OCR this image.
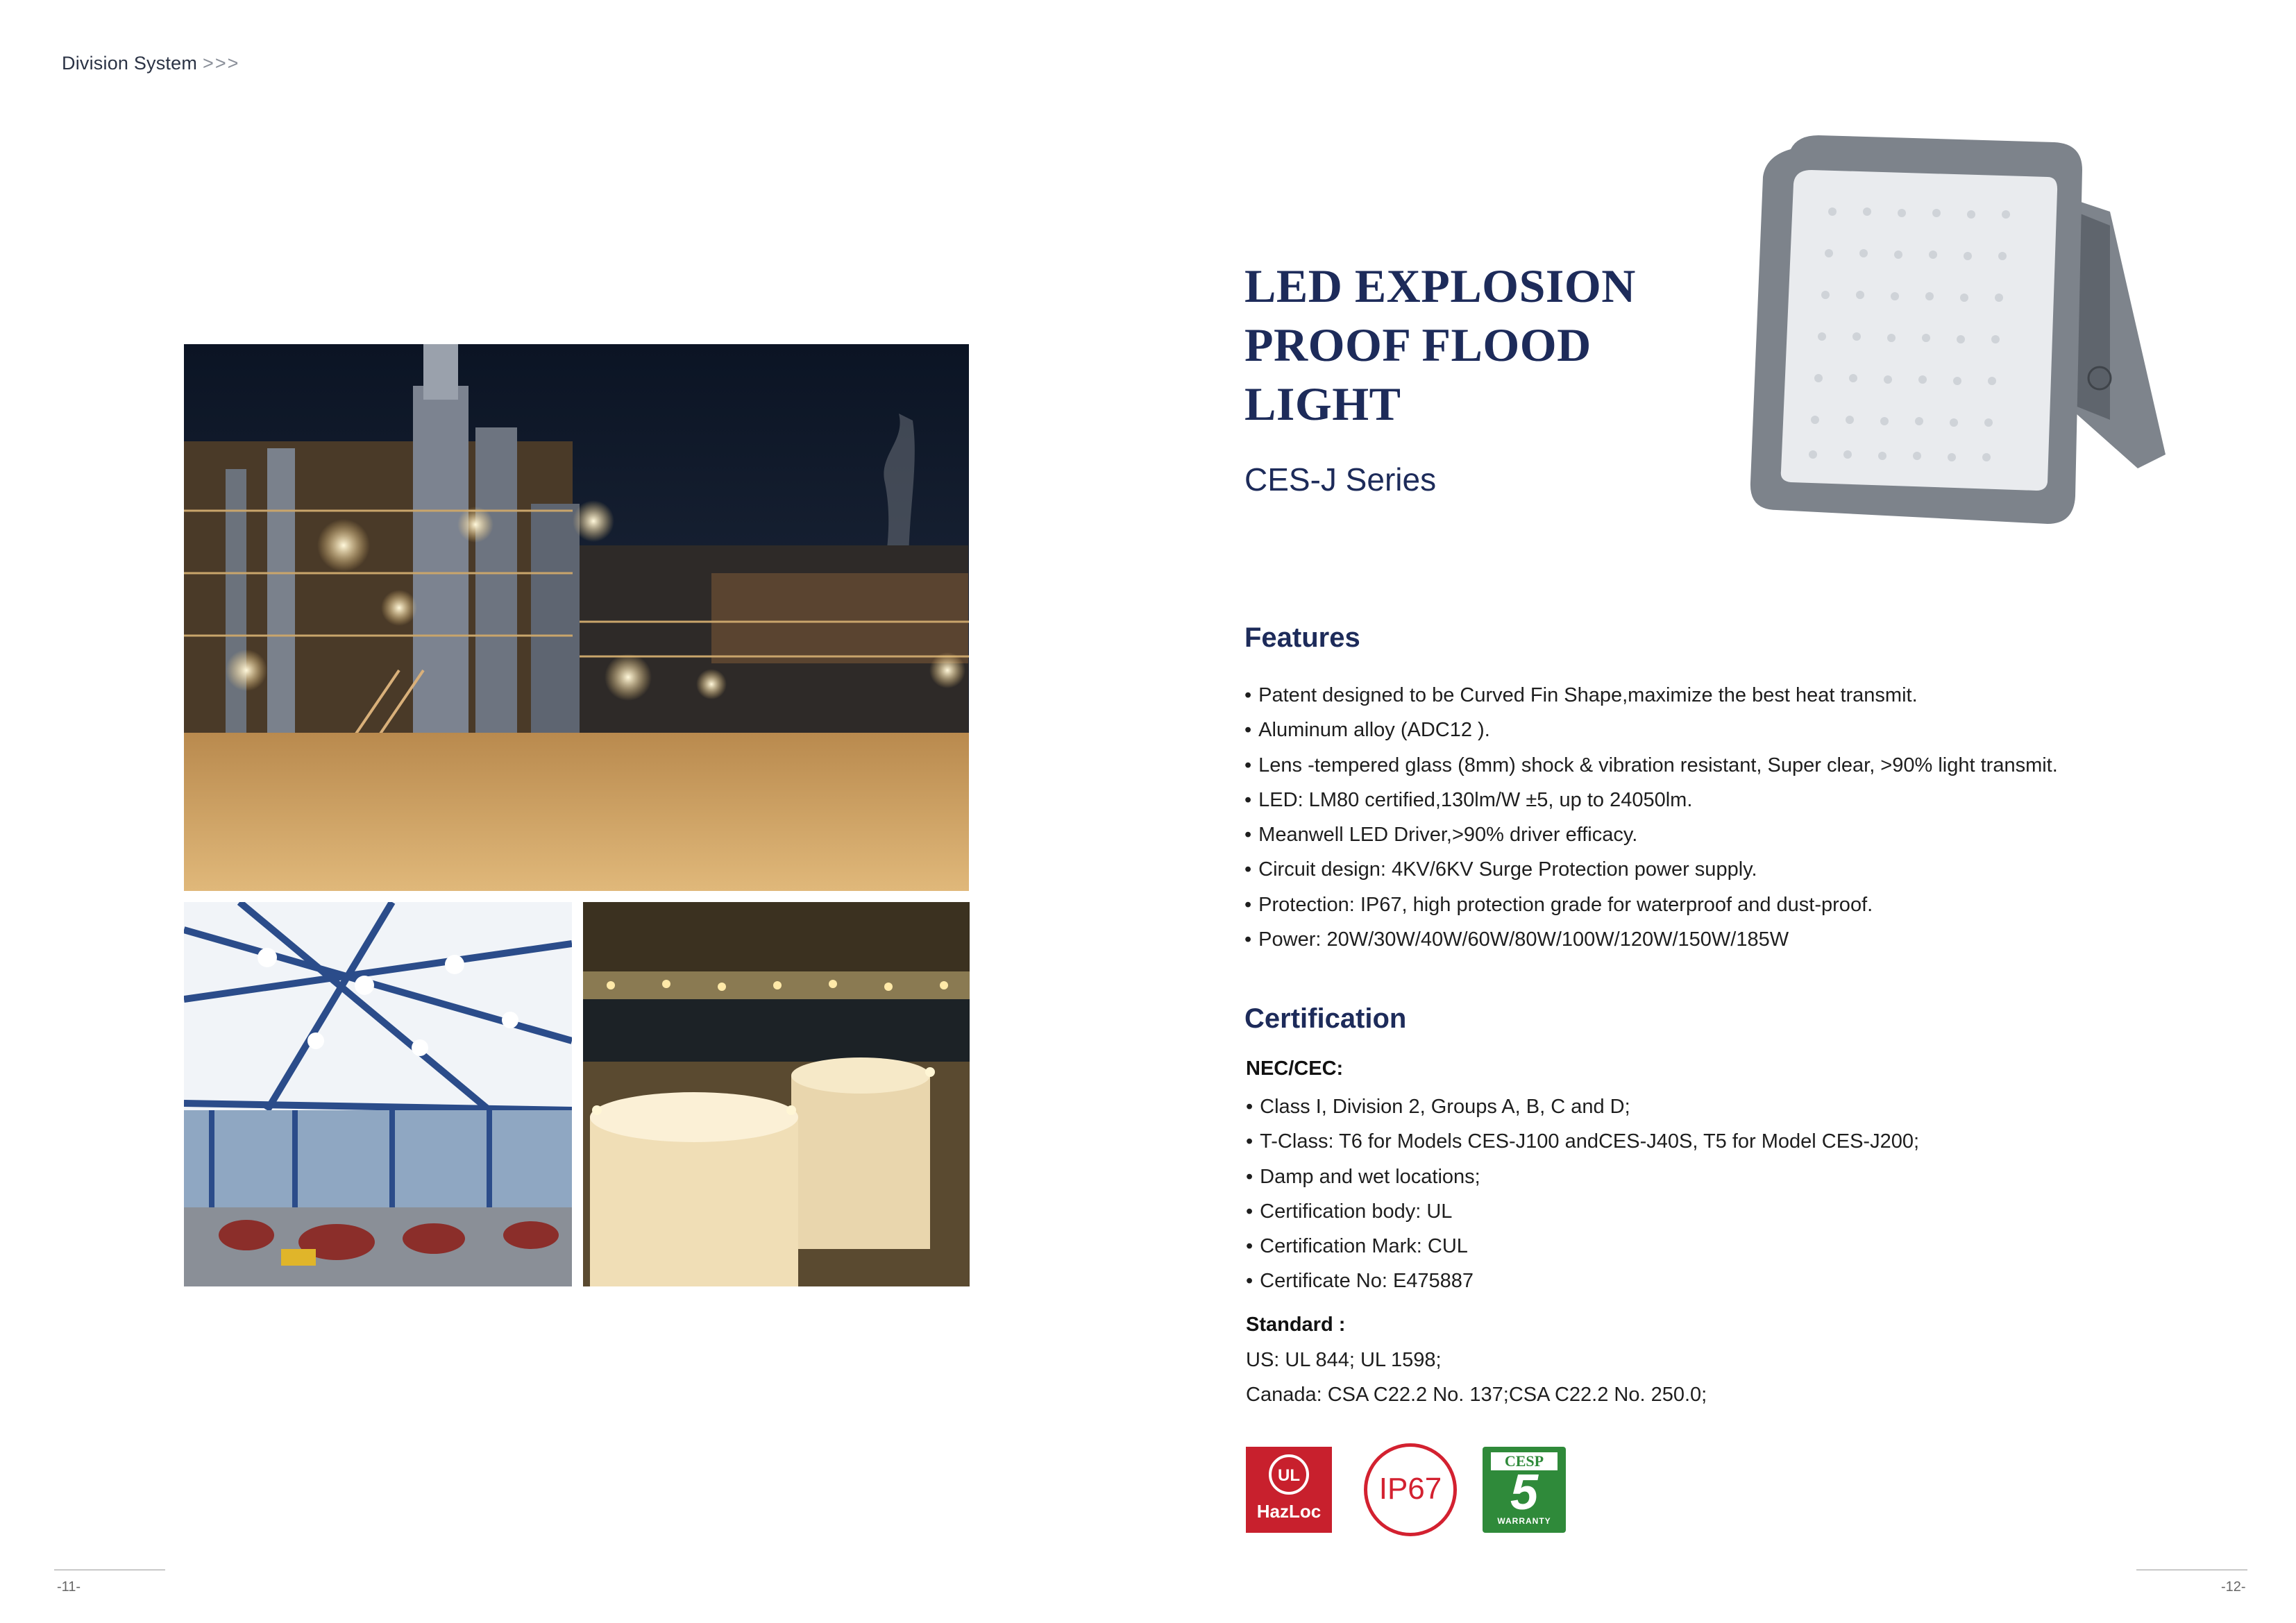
Division System >>>
LED EXPLOSION
PROOF FLOOD
LIGHT
CES-J Series
Features
• Patent designed to be Curved Fin Shape,maximize the best heat transmit.
• Aluminum alloy (ADC12 ).
• Lens -tempered glass (8mm) shock & vibration resistant, Super clear, >90% light transmit.
• LED: LM80 certified,130lm/W ±5, up to 24050lm.
• Meanwell LED Driver,>90% driver efficacy.
• Circuit design: 4KV/6KV Surge Protection power supply.
• Protection: IP67, high protection grade for waterproof and dust-proof.
• Power: 20W/30W/40W/60W/80W/100W/120W/150W/185W
Certification
NEC/CEC:
• Class I, Division 2, Groups A, B, C and D;
• T-Class: T6 for Models CES-J100 andCES-J40S, T5 for Model CES-J200;
• Damp and wet locations;
• Certification body: UL
• Certification Mark: CUL
• Certificate No: E475887
Standard :
US: UL 844; UL 1598;
Canada: CSA C22.2 No. 137;CSA C22.2 No. 250.0;
UL
HazLoc
IP67
CESP
5
WARRANTY
-11-	-12-
